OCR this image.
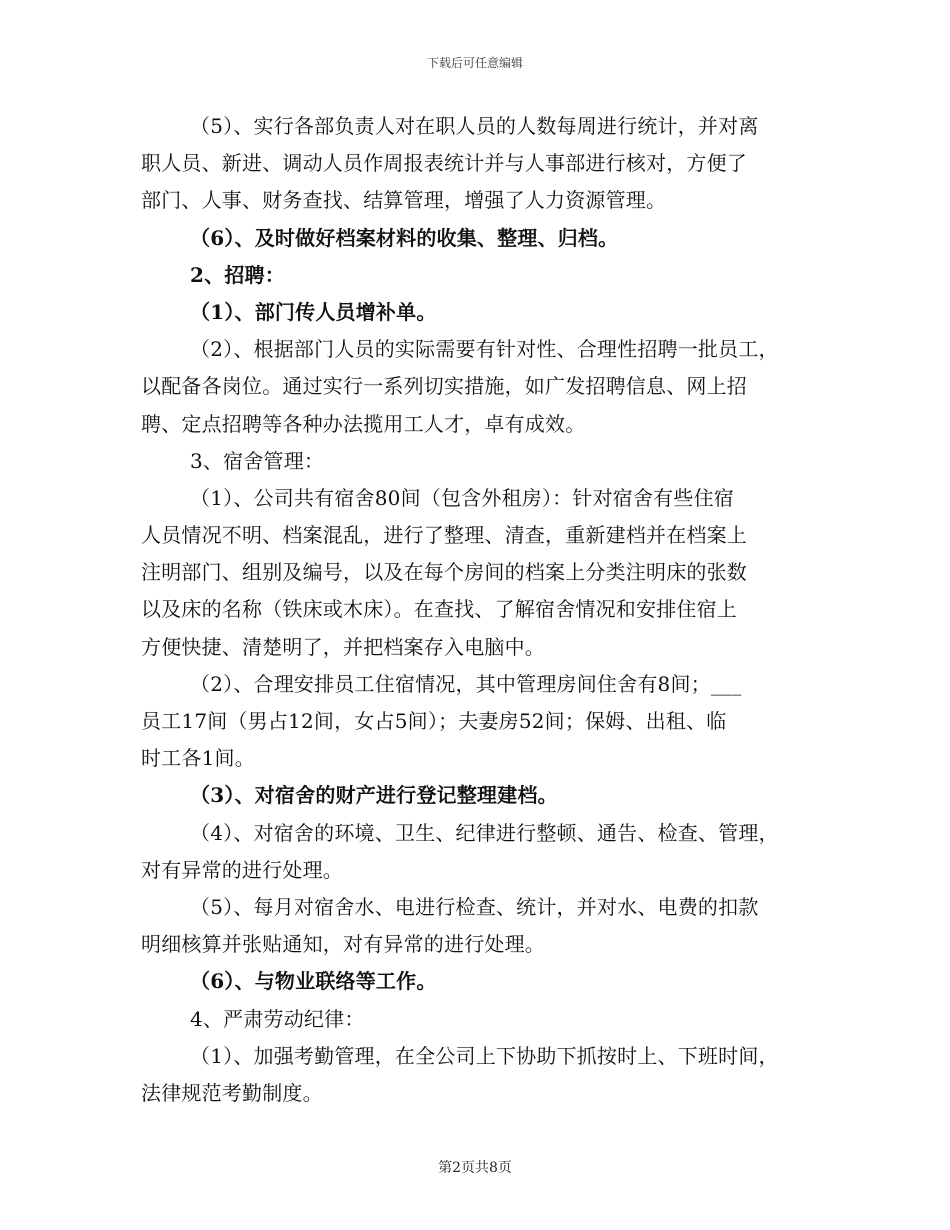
下载后可任意编辑
（5）、实行各部负责人对在职人员的人数每周进行统计，并对离
职人员、新进、调动人员作周报表统计并与人事部进行核对，方便了
部门、人事、财务查找、结算管理，增强了人力资源管理。
（6）、及时做好档案材料的收集、整理、归档。
2、招聘：
（1）、部门传人员增补单。
（2）、根据部门人员的实际需要有针对性、合理性招聘一批员工，
以配备各岗位。通过实行一系列切实措施，如广发招聘信息、网上招
聘、定点招聘等各种办法揽用工人才，卓有成效。
3、宿舍管理：
（1）、公司共有宿舍80间（包含外租房）：针对宿舍有些住宿
人员情况不明、档案混乱，进行了整理、清查，重新建档并在档案上
注明部门、组别及编号，以及在每个房间的档案上分类注明床的张数
以及床的名称（铁床或木床）。在查找、了解宿舍情况和安排住宿上
方便快捷、清楚明了，并把档案存入电脑中。
（2）、合理安排员工住宿情况，其中管理房间住舍有8间；___
员工17间（男占12间，女占5间）；夫妻房52间；保姆、出租、临
时工各1间。
（3）、对宿舍的财产进行登记整理建档。
（4）、对宿舍的环境、卫生、纪律进行整顿、通告、检查、管理，
对有异常的进行处理。
（5）、每月对宿舍水、电进行检查、统计，并对水、电费的扣款
明细核算并张贴通知，对有异常的进行处理。
（6）、与物业联络等工作。
4、严肃劳动纪律：
（1）、加强考勤管理，在全公司上下协助下抓按时上、下班时间，
法律规范考勤制度。
第2页共8页
